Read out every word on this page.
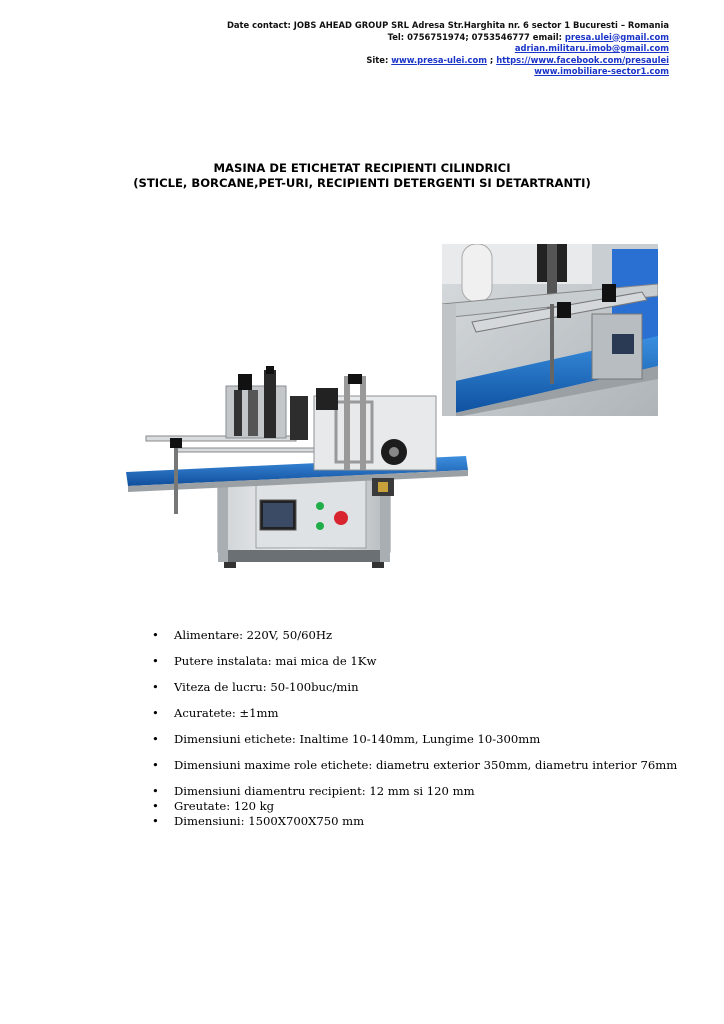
Date contact: JOBS AHEAD GROUP SRL Adresa Str.Harghita nr. 6 sector 1 Bucuresti – Romania
Tel: 0756751974; 0753546777 email: presa.ulei@gmail.com
adrian.militaru.imob@gmail.com
Site: www.presa-ulei.com ; https://www.facebook.com/presaulei
www.imobiliare-sector1.com
MASINA DE ETICHETAT RECIPIENTI CILINDRICI
(STICLE, BORCANE,PET-URI, RECIPIENTI DETERGENTI SI DETARTRANTI)
• Alimentare: 220V, 50/60Hz
• Putere instalata: mai mica de 1Kw
• Viteza de lucru: 50-100buc/min
• Acuratete: ±1mm
• Dimensiuni etichete: Inaltime 10-140mm, Lungime 10-300mm
• Dimensiuni maxime role etichete: diametru exterior 350mm, diametru interior 76mm
• Dimensiuni diamentru recipient: 12 mm si 120 mm
• Greutate: 120 kg
• Dimensiuni: 1500X700X750 mm
